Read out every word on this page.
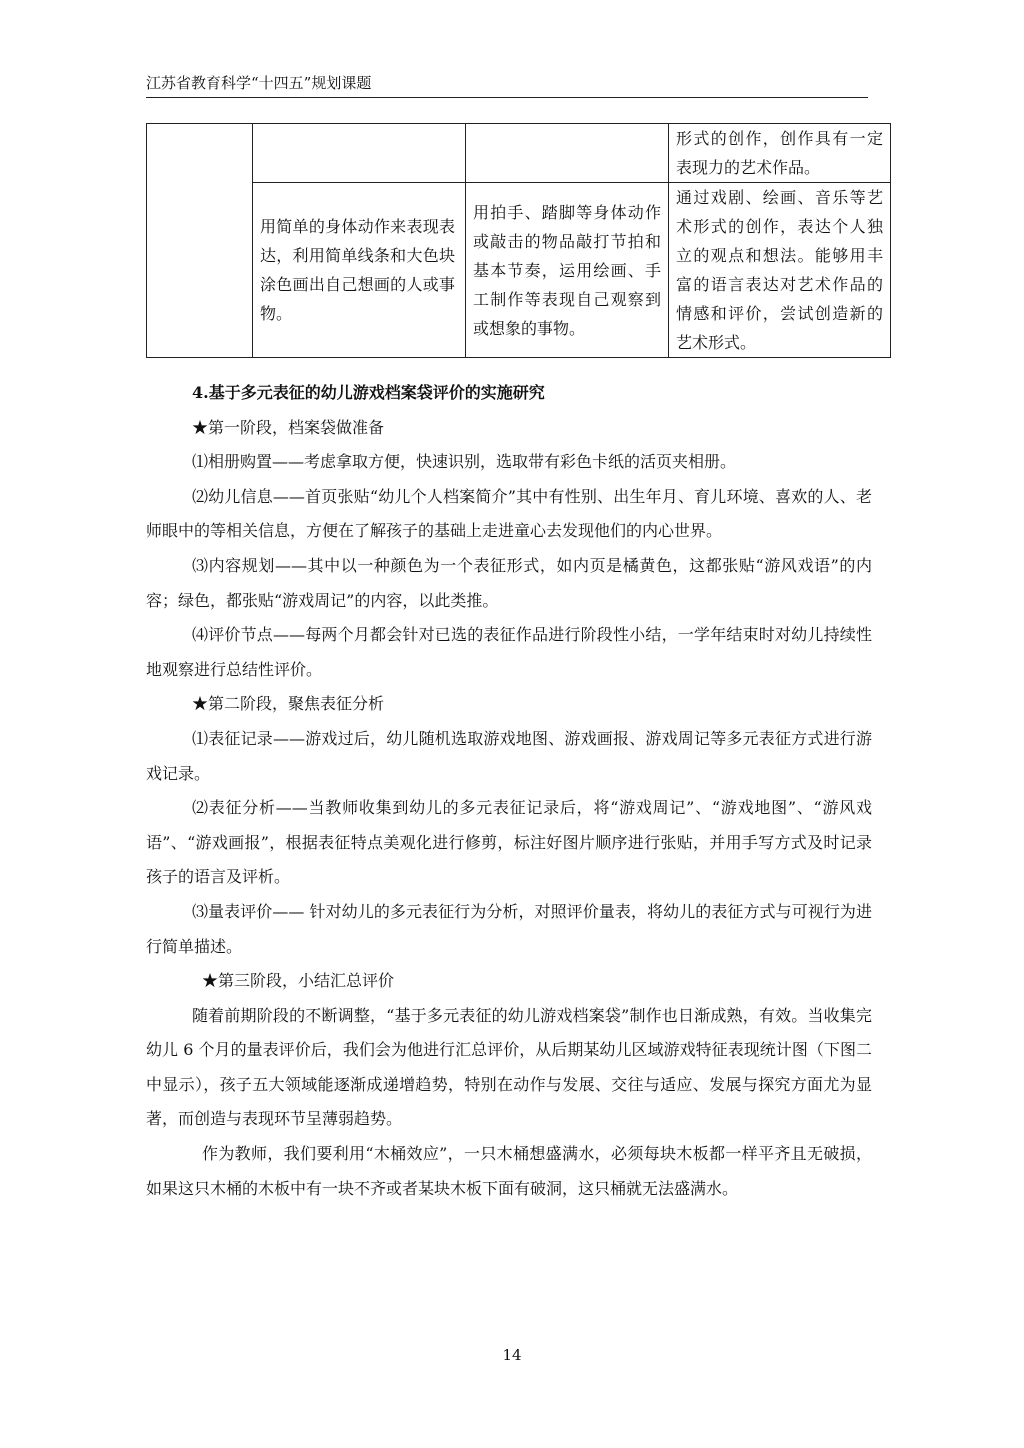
江苏省教育科学“十四五”规划课题
			形式的创作，创作具有一定表现力的艺术作品。
	用简单的身体动作来表现表达，利用简单线条和大色块涂色画出自己想画的人或事物。	用拍手、踏脚等身体动作或敲击的物品敲打节拍和基本节奏，运用绘画、手工制作等表现自己观察到或想象的事物。	通过戏剧、绘画、音乐等艺术形式的创作，表达个人独立的观点和想法。能够用丰富的语言表达对艺术作品的情感和评价，尝试创造新的艺术形式。

4.基于多元表征的幼儿游戏档案袋评价的实施研究

★第一阶段，档案袋做准备

⑴相册购置——考虑拿取方便，快速识别，选取带有彩色卡纸的活页夹相册。

⑵幼儿信息——首页张贴“幼儿个人档案简介”其中有性别、出生年月、育儿环境、喜欢的人、老师眼中的等相关信息，方便在了解孩子的基础上走进童心去发现他们的内心世界。

⑶内容规划——其中以一种颜色为一个表征形式，如内页是橘黄色，这都张贴“游风戏语”的内容；绿色，都张贴“游戏周记”的内容，以此类推。

⑷评价节点——每两个月都会针对已选的表征作品进行阶段性小结，一学年结束时对幼儿持续性地观察进行总结性评价。

★第二阶段，聚焦表征分析

⑴表征记录——游戏过后，幼儿随机选取游戏地图、游戏画报、游戏周记等多元表征方式进行游戏记录。

⑵表征分析——当教师收集到幼儿的多元表征记录后，将“游戏周记”、“游戏地图”、“游风戏语”、“游戏画报”，根据表征特点美观化进行修剪，标注好图片顺序进行张贴，并用手写方式及时记录孩子的语言及评析。

⑶量表评价—— 针对幼儿的多元表征行为分析，对照评价量表，将幼儿的表征方式与可视行为进行简单描述。

★第三阶段，小结汇总评价

随着前期阶段的不断调整，“基于多元表征的幼儿游戏档案袋”制作也日渐成熟，有效。当收集完幼儿 6 个月的量表评价后，我们会为他进行汇总评价，从后期某幼儿区域游戏特征表现统计图（下图二中显示），孩子五大领域能逐渐成递增趋势，特别在动作与发展、交往与适应、发展与探究方面尤为显著，而创造与表现环节呈薄弱趋势。

作为教师，我们要利用“木桶效应”，一只木桶想盛满水，必须每块木板都一样平齐且无破损，如果这只木桶的木板中有一块不齐或者某块木板下面有破洞，这只桶就无法盛满水。

14
